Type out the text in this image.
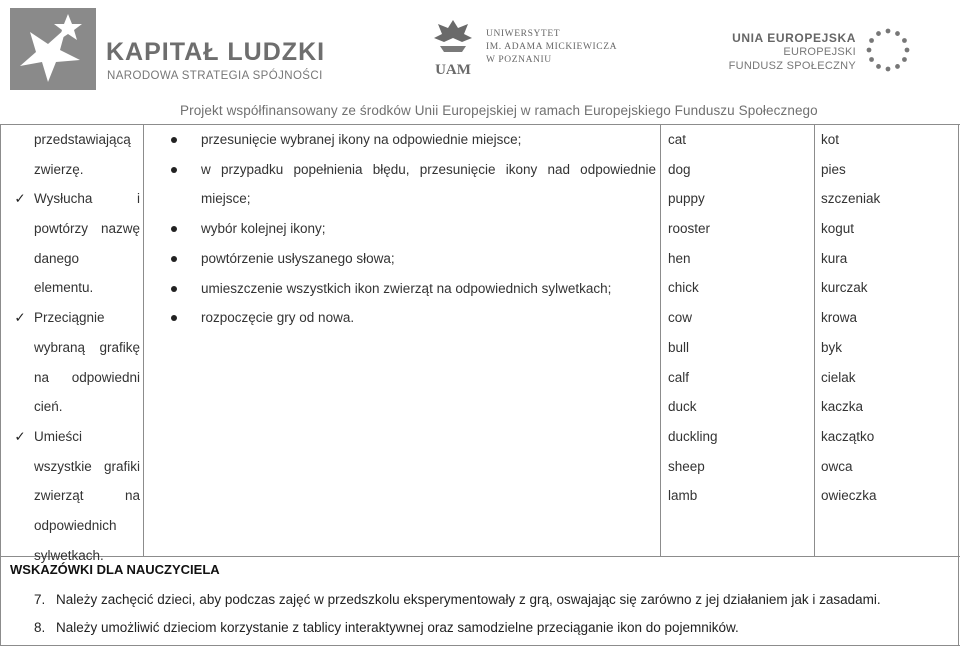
KAPITAŁ LUDZKI
NARODOWA STRATEGIA SPÓJNOŚCI	UAM
UNIWERSYTET
IM. ADAMA MICKIEWICZA
W POZNANIU
UNIA EUROPEJSKA
EUROPEJSKI
FUNDUSZ SPOŁECZNY
Projekt współfinansowany ze środków Unii Europejskiej w ramach Europejskiego Funduszu Społecznego
przedstawiającą
zwierzę.
✓ Wysłucha i
powtórzy nazwę
danego
elementu.
✓ Przeciągnie
wybraną grafikę
na odpowiedni
cień.
✓ Umieści
wszystkie grafiki
zwierząt na
odpowiednich
sylwetkach.
przesunięcie wybranej ikony na odpowiednie miejsce;
w przypadku popełnienia błędu, przesunięcie ikony nad odpowiednie miejsce;
wybór kolejnej ikony;
powtórzenie usłyszanego słowa;
umieszczenie wszystkich ikon zwierząt na odpowiednich sylwetkach;
rozpoczęcie gry od nowa.
cat	kot
dog	pies
puppy	szczeniak
rooster	kogut
hen	kura
chick	kurczak
cow	krowa
bull	byk
calf	cielak
duck	kaczka
duckling	kaczątko
sheep	owca
lamb	owieczka
WSKAZÓWKI DLA NAUCZYCIELA
7. Należy zachęcić dzieci, aby podczas zajęć w przedszkolu eksperymentowały z grą, oswajając się zarówno z jej działaniem jak i zasadami.
8. Należy umożliwić dzieciom korzystanie z tablicy interaktywnej oraz samodzielne przeciąganie ikon do pojemników.
